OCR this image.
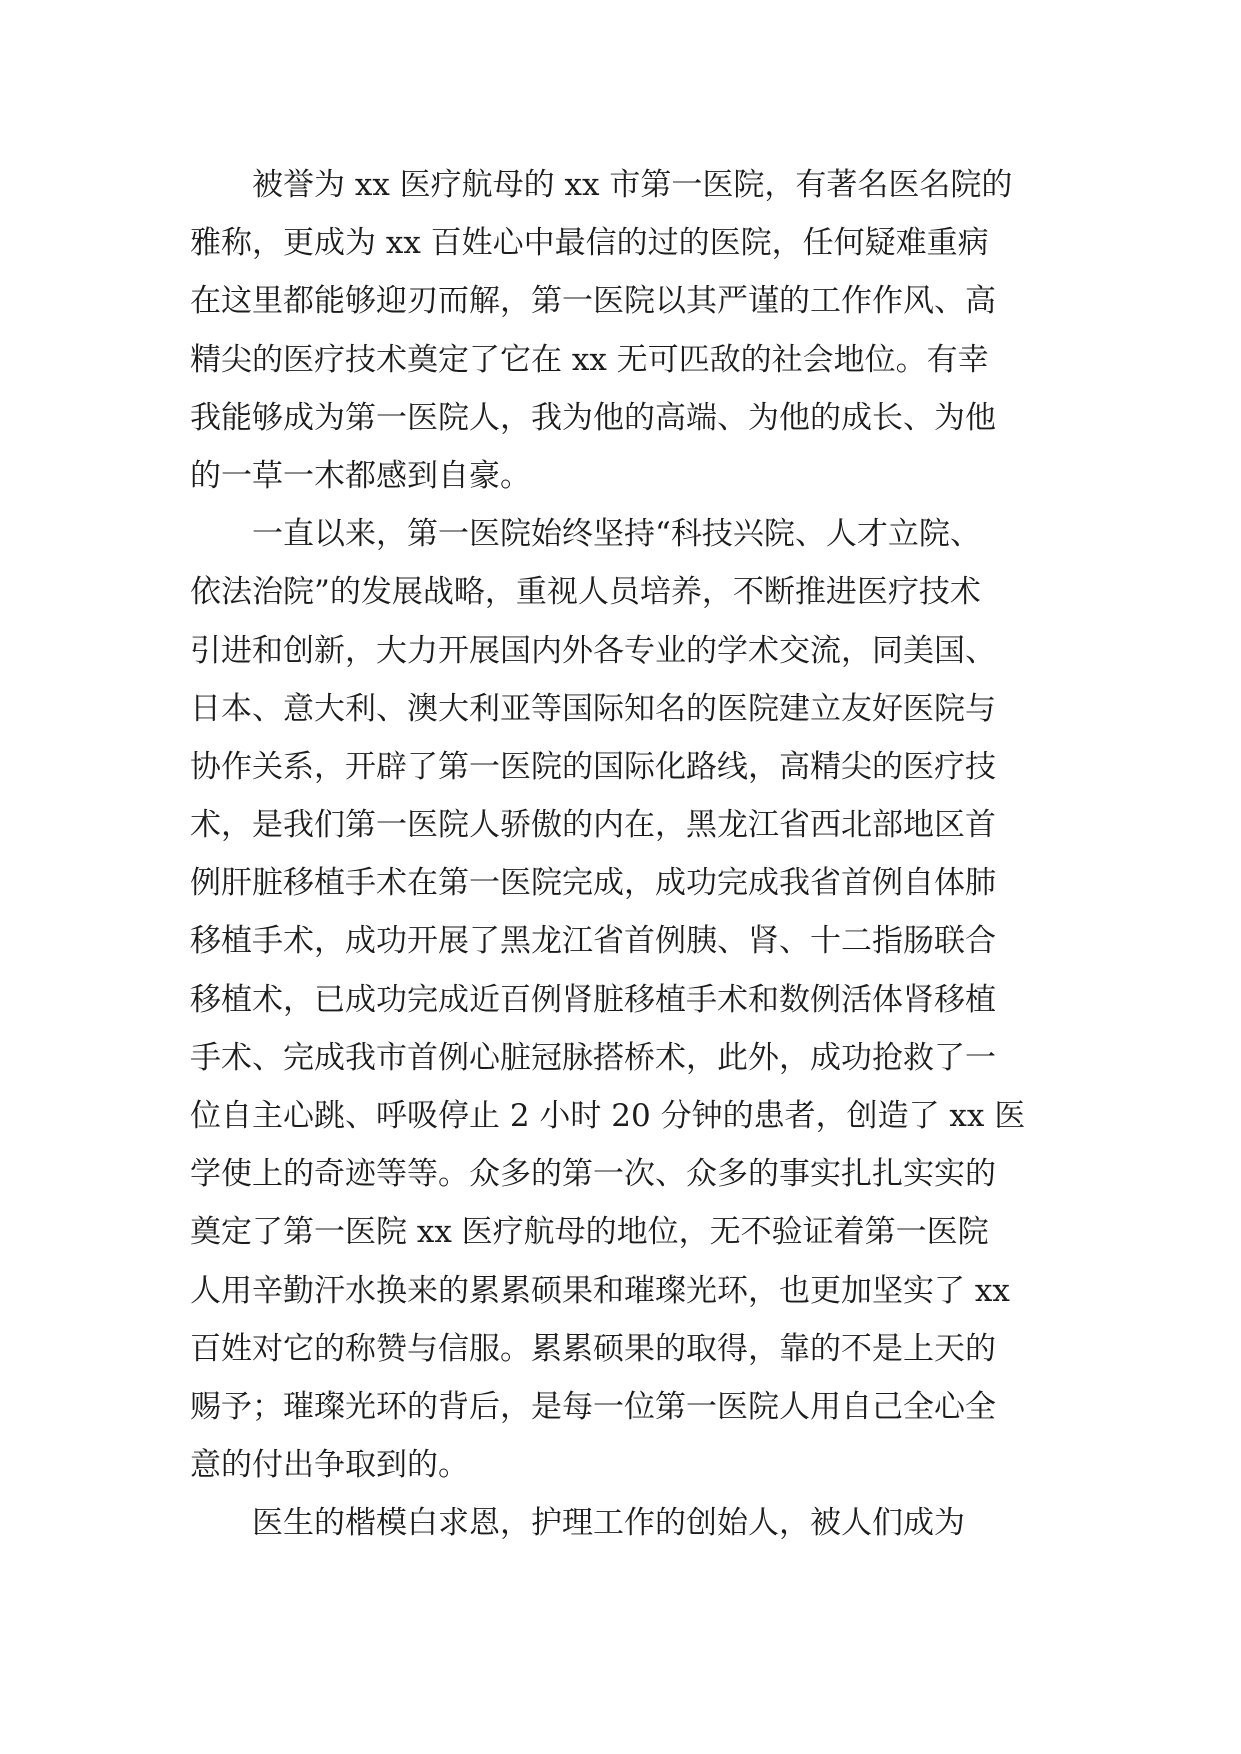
　　被誉为 xx 医疗航母的 xx 市第一医院，有著名医名院的
雅称，更成为 xx 百姓心中最信的过的医院，任何疑难重病
在这里都能够迎刃而解，第一医院以其严谨的工作作风、高
精尖的医疗技术奠定了它在 xx 无可匹敌的社会地位。有幸
我能够成为第一医院人，我为他的高端、为他的成长、为他
的一草一木都感到自豪。
　　一直以来，第一医院始终坚持“科技兴院、人才立院、
依法治院”的发展战略，重视人员培养，不断推进医疗技术
引进和创新，大力开展国内外各专业的学术交流，同美国、
日本、意大利、澳大利亚等国际知名的医院建立友好医院与
协作关系，开辟了第一医院的国际化路线，高精尖的医疗技
术，是我们第一医院人骄傲的内在，黑龙江省西北部地区首
例肝脏移植手术在第一医院完成，成功完成我省首例自体肺
移植手术，成功开展了黑龙江省首例胰、肾、十二指肠联合
移植术，已成功完成近百例肾脏移植手术和数例活体肾移植
手术、完成我市首例心脏冠脉搭桥术，此外，成功抢救了一
位自主心跳、呼吸停止 2 小时 20 分钟的患者，创造了 xx 医
学使上的奇迹等等。众多的第一次、众多的事实扎扎实实的
奠定了第一医院 xx 医疗航母的地位，无不验证着第一医院
人用辛勤汗水换来的累累硕果和璀璨光环，也更加坚实了 xx
百姓对它的称赞与信服。累累硕果的取得，靠的不是上天的
赐予；璀璨光环的背后，是每一位第一医院人用自己全心全
意的付出争取到的。
　　医生的楷模白求恩，护理工作的创始人，被人们成为
